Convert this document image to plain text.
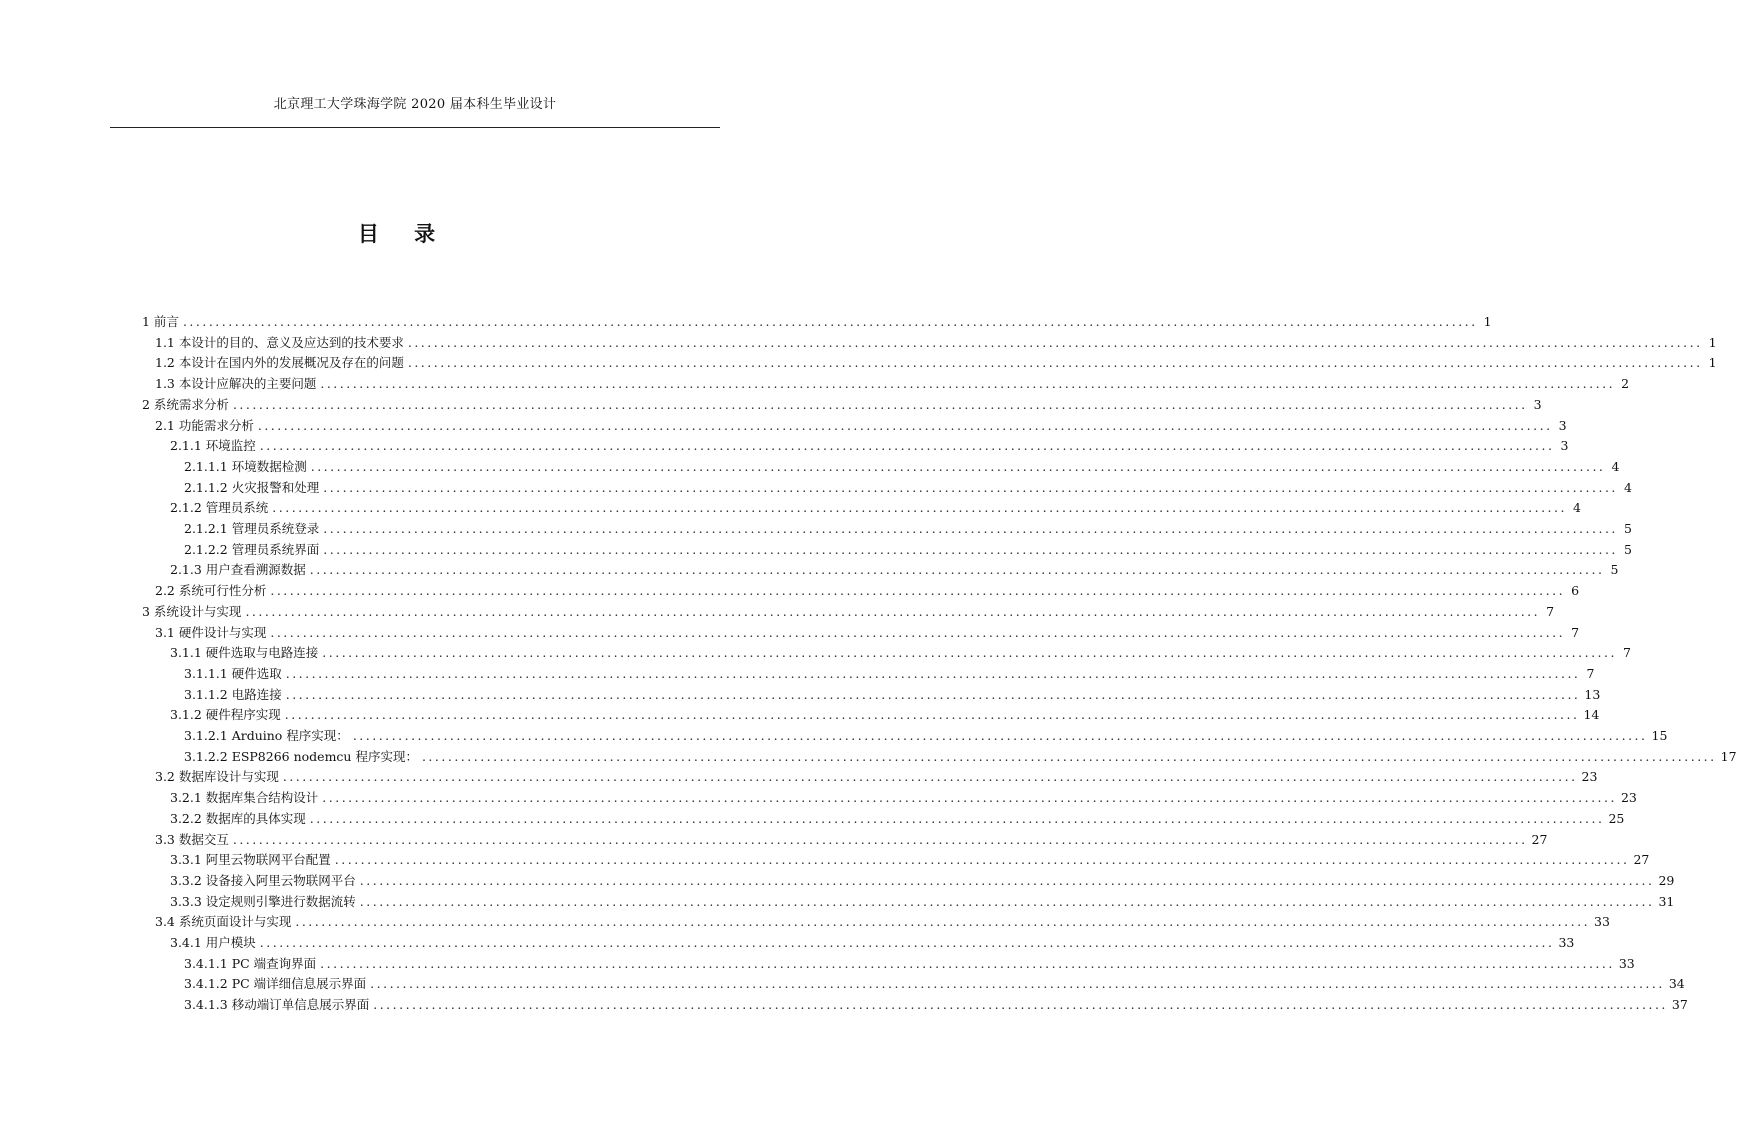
北京理工大学珠海学院 2020 届本科生毕业设计
目 录
1 前言 ........................................................................................................................................................................................................ 1
1.1 本设计的目的、意义及应达到的技术要求 ........................................................................................................................................................................................................ 1
1.2 本设计在国内外的发展概况及存在的问题 ........................................................................................................................................................................................................ 1
1.3 本设计应解决的主要问题 ........................................................................................................................................................................................................ 2
2 系统需求分析 ........................................................................................................................................................................................................ 3
2.1 功能需求分析 ........................................................................................................................................................................................................ 3
2.1.1 环境监控 ........................................................................................................................................................................................................ 3
2.1.1.1 环境数据检测 ........................................................................................................................................................................................................ 4
2.1.1.2 火灾报警和处理 ........................................................................................................................................................................................................ 4
2.1.2 管理员系统 ........................................................................................................................................................................................................ 4
2.1.2.1 管理员系统登录 ........................................................................................................................................................................................................ 5
2.1.2.2 管理员系统界面 ........................................................................................................................................................................................................ 5
2.1.3 用户查看溯源数据 ........................................................................................................................................................................................................ 5
2.2 系统可行性分析 ........................................................................................................................................................................................................ 6
3 系统设计与实现 ........................................................................................................................................................................................................ 7
3.1 硬件设计与实现 ........................................................................................................................................................................................................ 7
3.1.1 硬件选取与电路连接 ........................................................................................................................................................................................................ 7
3.1.1.1 硬件选取 ........................................................................................................................................................................................................ 7
3.1.1.2 电路连接 ........................................................................................................................................................................................................ 13
3.1.2 硬件程序实现 ........................................................................................................................................................................................................ 14
3.1.2.1 Arduino 程序实现： ........................................................................................................................................................................................................ 15
3.1.2.2 ESP8266 nodemcu 程序实现： ........................................................................................................................................................................................................ 17
3.2 数据库设计与实现 ........................................................................................................................................................................................................ 23
3.2.1 数据库集合结构设计 ........................................................................................................................................................................................................ 23
3.2.2 数据库的具体实现 ........................................................................................................................................................................................................ 25
3.3 数据交互 ........................................................................................................................................................................................................ 27
3.3.1 阿里云物联网平台配置 ........................................................................................................................................................................................................ 27
3.3.2 设备接入阿里云物联网平台 ........................................................................................................................................................................................................ 29
3.3.3 设定规则引擎进行数据流转 ........................................................................................................................................................................................................ 31
3.4 系统页面设计与实现 ........................................................................................................................................................................................................ 33
3.4.1 用户模块 ........................................................................................................................................................................................................ 33
3.4.1.1 PC 端查询界面 ........................................................................................................................................................................................................ 33
3.4.1.2 PC 端详细信息展示界面 ........................................................................................................................................................................................................ 34
3.4.1.3 移动端订单信息展示界面 ........................................................................................................................................................................................................ 37
